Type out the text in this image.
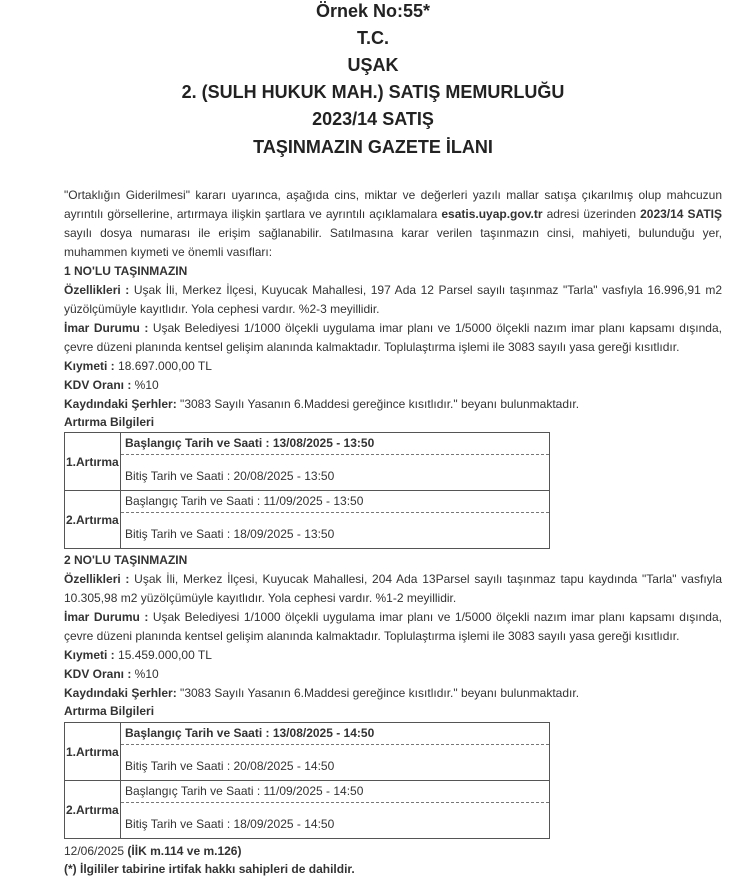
Örnek No:55*
T.C.
UŞAK
2. (SULH HUKUK MAH.) SATIŞ MEMURLUĞU
2023/14 SATIŞ
TAŞINMAZIN GAZETE İLANI
"Ortaklığın Giderilmesi" kararı uyarınca, aşağıda cins, miktar ve değerleri yazılı mallar satışa çıkarılmış olup mahcuzun ayrıntılı görsellerine, artırmaya ilişkin şartlara ve ayrıntılı açıklamalara esatis.uyap.gov.tr adresi üzerinden 2023/14 SATIŞ sayılı dosya numarası ile erişim sağlanabilir. Satılmasına karar verilen taşınmazın cinsi, mahiyeti, bulunduğu yer, muhammen kıymeti ve önemli vasıfları:
1 NO'LU TAŞINMAZIN
Özellikleri : Uşak İli, Merkez İlçesi, Kuyucak Mahallesi, 197 Ada 12 Parsel sayılı taşınmaz "Tarla" vasfıyla 16.996,91 m2 yüzölçümüyle kayıtlıdır. Yola cephesi vardır. %2-3 meyillidir.
İmar Durumu : Uşak Belediyesi 1/1000 ölçekli uygulama imar planı ve 1/5000 ölçekli nazım imar planı kapsamı dışında, çevre düzeni planında kentsel gelişim alanında kalmaktadır. Toplulaştırma işlemi ile 3083 sayılı yasa gereği kısıtlıdır.
Kıymeti : 18.697.000,00 TL
KDV Oranı : %10
Kaydındaki Şerhler: "3083 Sayılı Yasanın 6.Maddesi gereğince kısıtlıdır." beyanı bulunmaktadır.
Artırma Bilgileri
1.Artırma	Başlangıç Tarih ve Saati : 13/08/2025 - 13:50
Bitiş Tarih ve Saati : 20/08/2025 - 13:50

2.Artırma	Başlangıç Tarih ve Saati : 11/09/2025 - 13:50
Bitiş Tarih ve Saati : 18/09/2025 - 13:50
2 NO'LU TAŞINMAZIN
Özellikleri : Uşak İli, Merkez İlçesi, Kuyucak Mahallesi, 204 Ada 13Parsel sayılı taşınmaz tapu kaydında "Tarla" vasfıyla 10.305,98 m2 yüzölçümüyle kayıtlıdır. Yola cephesi vardır. %1-2 meyillidir.
İmar Durumu : Uşak Belediyesi 1/1000 ölçekli uygulama imar planı ve 1/5000 ölçekli nazım imar planı kapsamı dışında, çevre düzeni planında kentsel gelişim alanında kalmaktadır. Toplulaştırma işlemi ile 3083 sayılı yasa gereği kısıtlıdır.
Kıymeti : 15.459.000,00 TL
KDV Oranı : %10
Kaydındaki Şerhler: "3083 Sayılı Yasanın 6.Maddesi gereğince kısıtlıdır." beyanı bulunmaktadır.
Artırma Bilgileri
1.Artırma	Başlangıç Tarih ve Saati : 13/08/2025 - 14:50
Bitiş Tarih ve Saati : 20/08/2025 - 14:50

2.Artırma	Başlangıç Tarih ve Saati : 11/09/2025 - 14:50
Bitiş Tarih ve Saati : 18/09/2025 - 14:50
12/06/2025 (İİK m.114 ve m.126)
(*) İlgililer tabirine irtifak hakkı sahipleri de dahildir.
